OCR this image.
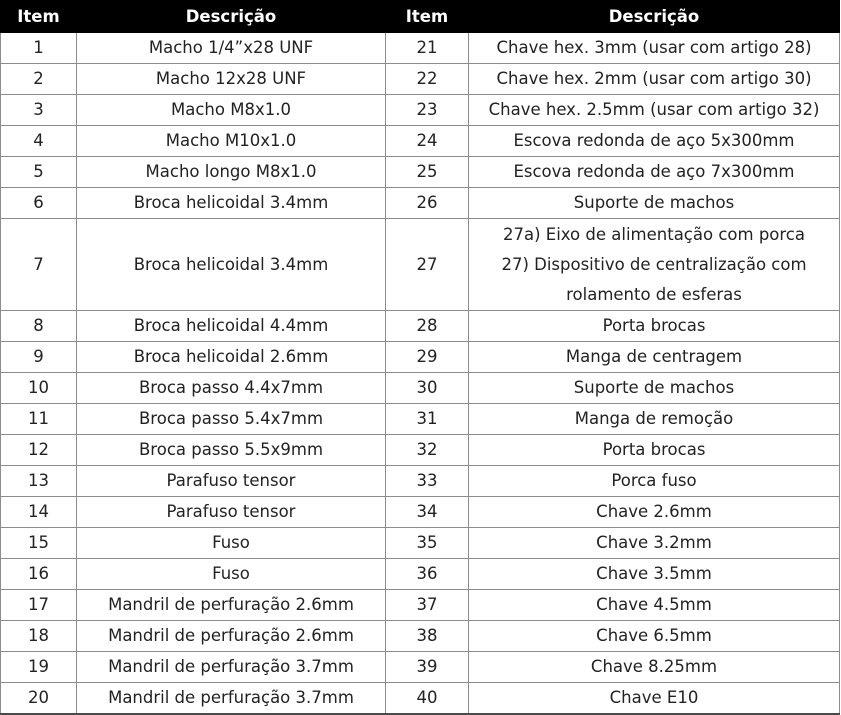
Item	Descrição	Item	Descrição
1	Macho 1/4”x28 UNF	21	Chave hex. 3mm (usar com artigo 28)
2	Macho 12x28 UNF	22	Chave hex. 2mm (usar com artigo 30)
3	Macho M8x1.0	23	Chave hex. 2.5mm (usar com artigo 32)
4	Macho M10x1.0	24	Escova redonda de aço 5x300mm
5	Macho longo M8x1.0	25	Escova redonda de aço 7x300mm
6	Broca helicoidal 3.4mm	26	Suporte de machos
7	Broca helicoidal 3.4mm	27	27a) Eixo de alimentação com porca
27) Dispositivo de centralização com
rolamento de esferas

8	Broca helicoidal 4.4mm	28	Porta brocas
9	Broca helicoidal 2.6mm	29	Manga de centragem
10	Broca passo 4.4x7mm	30	Suporte de machos
11	Broca passo 5.4x7mm	31	Manga de remoção
12	Broca passo 5.5x9mm	32	Porta brocas
13	Parafuso tensor	33	Porca fuso
14	Parafuso tensor	34	Chave 2.6mm
15	Fuso	35	Chave 3.2mm
16	Fuso	36	Chave 3.5mm
17	Mandril de perfuração 2.6mm	37	Chave 4.5mm
18	Mandril de perfuração 2.6mm	38	Chave 6.5mm
19	Mandril de perfuração 3.7mm	39	Chave 8.25mm
20	Mandril de perfuração 3.7mm	40	Chave E10
